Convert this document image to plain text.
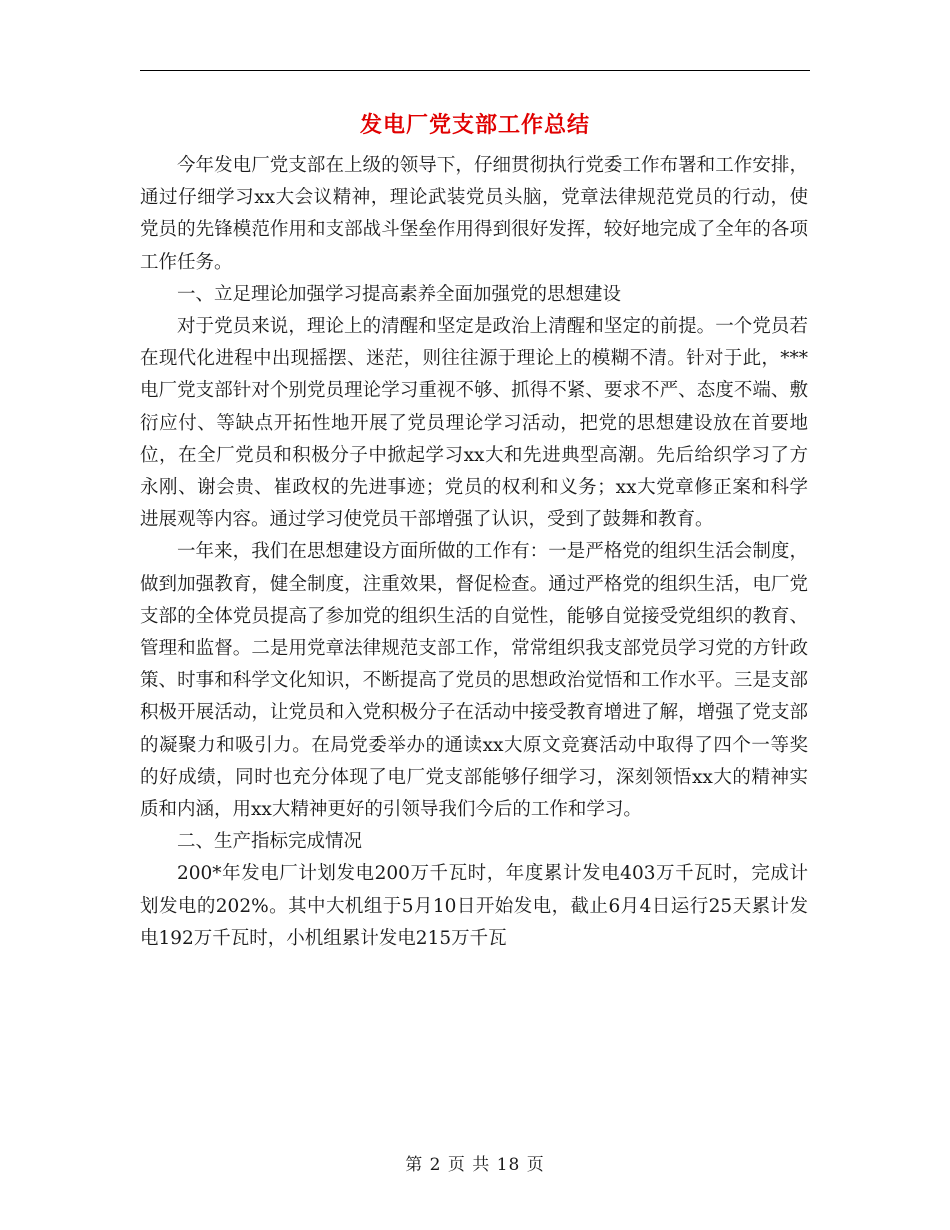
发电厂党支部工作总结

今年发电厂党支部在上级的领导下，仔细贯彻执行党委工作布署和工作安排，通过仔细学习xx大会议精神，理论武装党员头脑，党章法律规范党员的行动，使党员的先锋模范作用和支部战斗堡垒作用得到很好发挥，较好地完成了全年的各项工作任务。

一、立足理论加强学习提高素养全面加强党的思想建设

对于党员来说，理论上的清醒和坚定是政治上清醒和坚定的前提。一个党员若在现代化进程中出现摇摆、迷茫，则往往源于理论上的模糊不清。针对于此，***电厂党支部针对个别党员理论学习重视不够、抓得不紧、要求不严、态度不端、敷衍应付、等缺点开拓性地开展了党员理论学习活动，把党的思想建设放在首要地位，在全厂党员和积极分子中掀起学习xx大和先进典型高潮。先后给织学习了方永刚、谢会贵、崔政权的先进事迹；党员的权利和义务；xx大党章修正案和科学进展观等内容。通过学习使党员干部增强了认识，受到了鼓舞和教育。

一年来，我们在思想建设方面所做的工作有：一是严格党的组织生活会制度，做到加强教育，健全制度，注重效果，督促检查。通过严格党的组织生活，电厂党支部的全体党员提高了参加党的组织生活的自觉性，能够自觉接受党组织的教育、管理和监督。二是用党章法律规范支部工作，常常组织我支部党员学习党的方针政策、时事和科学文化知识，不断提高了党员的思想政治觉悟和工作水平。三是支部积极开展活动，让党员和入党积极分子在活动中接受教育增进了解，增强了党支部的凝聚力和吸引力。在局党委举办的通读xx大原文竞赛活动中取得了四个一等奖的好成绩，同时也充分体现了电厂党支部能够仔细学习，深刻领悟xx大的精神实质和内涵，用xx大精神更好的引领导我们今后的工作和学习。

二、生产指标完成情况

200*年发电厂计划发电200万千瓦时，年度累计发电403万千瓦时，完成计划发电的202%。其中大机组于5月10日开始发电，截止6月4日运行25天累计发电192万千瓦时，小机组累计发电215万千瓦

第 2 页 共 18 页
